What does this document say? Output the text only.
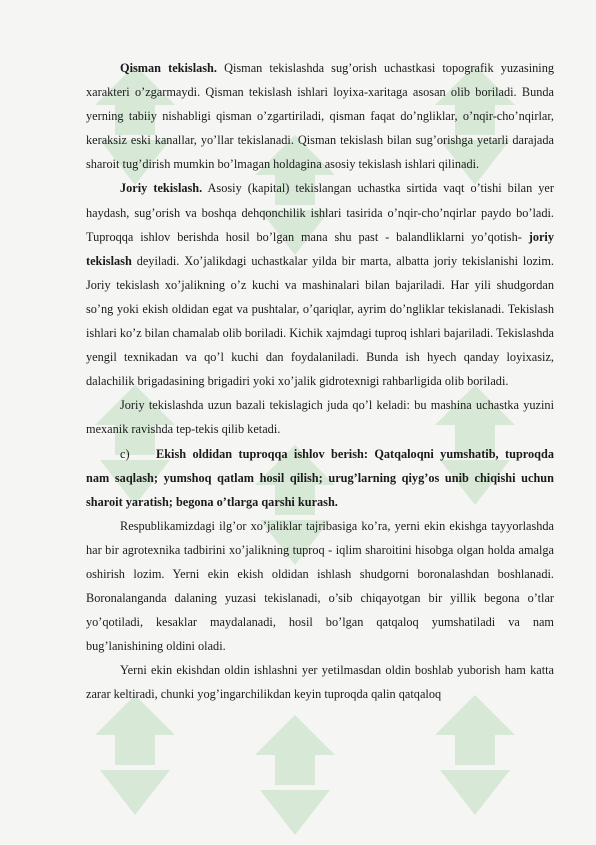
Qisman tekislash. Qisman tekislashda sug’orish uchastkasi topografik yuzasining xarakteri o’zgarmaydi. Qisman tekislash ishlari loyixa-xaritaga asosan olib boriladi. Bunda yerning tabiiy nishabligi qisman o’zgartiriladi, qisman faqat do’ngliklar, o’nqir-cho’nqirlar, keraksiz eski kanallar, yo’llar tekislanadi. Qisman tekislash bilan sug’orishga yetarli darajada sharoit tug’dirish mumkin bo’lmagan holdagina asosiy tekislash ishlari qilinadi.

Joriy tekislash. Asosiy (kapital) tekislangan uchastka sirtida vaqt o’tishi bilan yer haydash, sug’orish va boshqa dehqonchilik ishlari tasirida o’nqir-cho’nqirlar paydo bo’ladi. Tuproqqa ishlov berishda hosil bo’lgan mana shu past - balandliklarni yo’qotish- joriy tekislash deyiladi. Xo’jalikdagi uchastkalar yilda bir marta, albatta joriy tekislanishi lozim. Joriy tekislash xo’jalikning o’z kuchi va mashinalari bilan bajariladi. Har yili shudgordan so’ng yoki ekish oldidan egat va pushtalar, o’qariqlar, ayrim do’ngliklar tekislanadi. Tekislash ishlari ko’z bilan chamalab olib boriladi. Kichik xajmdagi tuproq ishlari bajariladi. Tekislashda yengil texnikadan va qo’l kuchi dan foydalaniladi. Bunda ish hyech qanday loyixasiz, dalachilik brigadasining brigadiri yoki xo’jalik gidrotexnigi rahbarligida olib boriladi.

Joriy tekislashda uzun bazali tekislagich juda qo’l keladi: bu mashina uchastka yuzini mexanik ravishda tep-tekis qilib ketadi.

c) Ekish oldidan tuproqqa ishlov berish: Qatqaloqni yumshatib, tuproqda nam saqlash; yumshoq qatlam hosil qilish; urug’larning qiyg’os unib chiqishi uchun sharoit yaratish; begona o’tlarga qarshi kurash.

Respublikamizdagi ilg’or xo’jaliklar tajribasiga ko’ra, yerni ekin ekishga tayyorlashda har bir agrotexnika tadbirini xo’jalikning tuproq - iqlim sharoitini hisobga olgan holda amalga oshirish lozim. Yerni ekin ekish oldidan ishlash shudgorni boronalashdan boshlanadi. Boronalanganda dalaning yuzasi tekislanadi, o’sib chiqayotgan bir yillik begona o’tlar yo’qotiladi, kesaklar maydalanadi, hosil bo’lgan qatqaloq yumshatiladi va nam bug’lanishining oldini oladi.

Yerni ekin ekishdan oldin ishlashni yer yetilmasdan oldin boshlab yuborish ham katta zarar keltiradi, chunki yog’ingarchilikdan keyin tuproqda qalin qatqaloq
